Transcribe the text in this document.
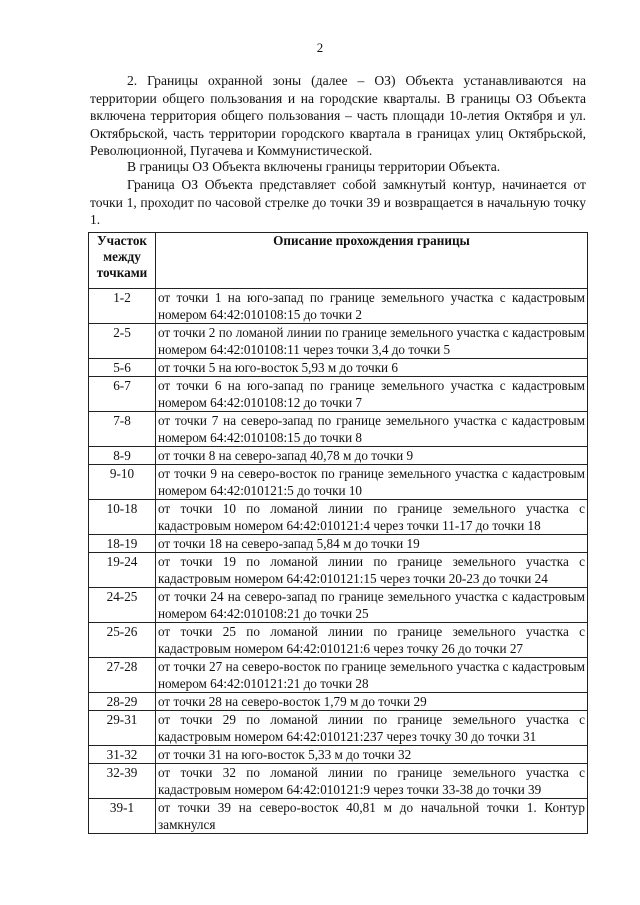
2

2. Границы охранной зоны (далее – ОЗ) Объекта устанавливаются на территории общего пользования и на городские кварталы. В границы ОЗ Объекта включена территория общего пользования – часть площади 10-летия Октября и ул. Октябрьской, часть территории городского квартала в границах улиц Октябрьской, Революционной, Пугачева и Коммунистической.

В границы ОЗ Объекта включены границы территории Объекта.

Граница ОЗ Объекта представляет собой замкнутый контур, начинается от точки 1, проходит по часовой стрелке до точки 39 и возвращается в начальную точку 1.

Участок между точками	Описание прохождения границы
1-2	от точки 1 на юго-запад по границе земельного участка с кадастровым номером 64:42:010108:15 до точки 2
2-5	от точки 2 по ломаной линии по границе земельного участка с кадастровым номером 64:42:010108:11 через точки 3,4 до точки 5
5-6	от точки 5 на юго-восток 5,93 м до точки 6
6-7	от точки 6 на юго-запад по границе земельного участка с кадастровым номером 64:42:010108:12 до точки 7
7-8	от точки 7 на северо-запад по границе земельного участка с кадастровым номером 64:42:010108:15 до точки 8
8-9	от точки 8 на северо-запад 40,78 м до точки 9
9-10	от точки 9 на северо-восток по границе земельного участка с кадастровым номером 64:42:010121:5 до точки 10
10-18	от точки 10 по ломаной линии по границе земельного участка с кадастровым номером 64:42:010121:4 через точки 11-17 до точки 18
18-19	от точки 18 на северо-запад 5,84 м до точки 19
19-24	от точки 19 по ломаной линии по границе земельного участка с кадастровым номером 64:42:010121:15 через точки 20-23 до точки 24
24-25	от точки 24 на северо-запад по границе земельного участка с кадастровым номером 64:42:010108:21 до точки 25
25-26	от точки 25 по ломаной линии по границе земельного участка с кадастровым номером 64:42:010121:6 через точку 26 до точки 27
27-28	от точки 27 на северо-восток по границе земельного участка с кадастровым номером 64:42:010121:21 до точки 28
28-29	от точки 28 на северо-восток 1,79 м до точки 29
29-31	от точки 29 по ломаной линии по границе земельного участка с кадастровым номером 64:42:010121:237 через точку 30 до точки 31
31-32	от точки 31 на юго-восток 5,33 м до точки 32
32-39	от точки 32 по ломаной линии по границе земельного участка с кадастровым номером 64:42:010121:9 через точки 33-38 до точки 39
39-1	от точки 39 на северо-восток 40,81 м до начальной точки 1. Контур замкнулся
